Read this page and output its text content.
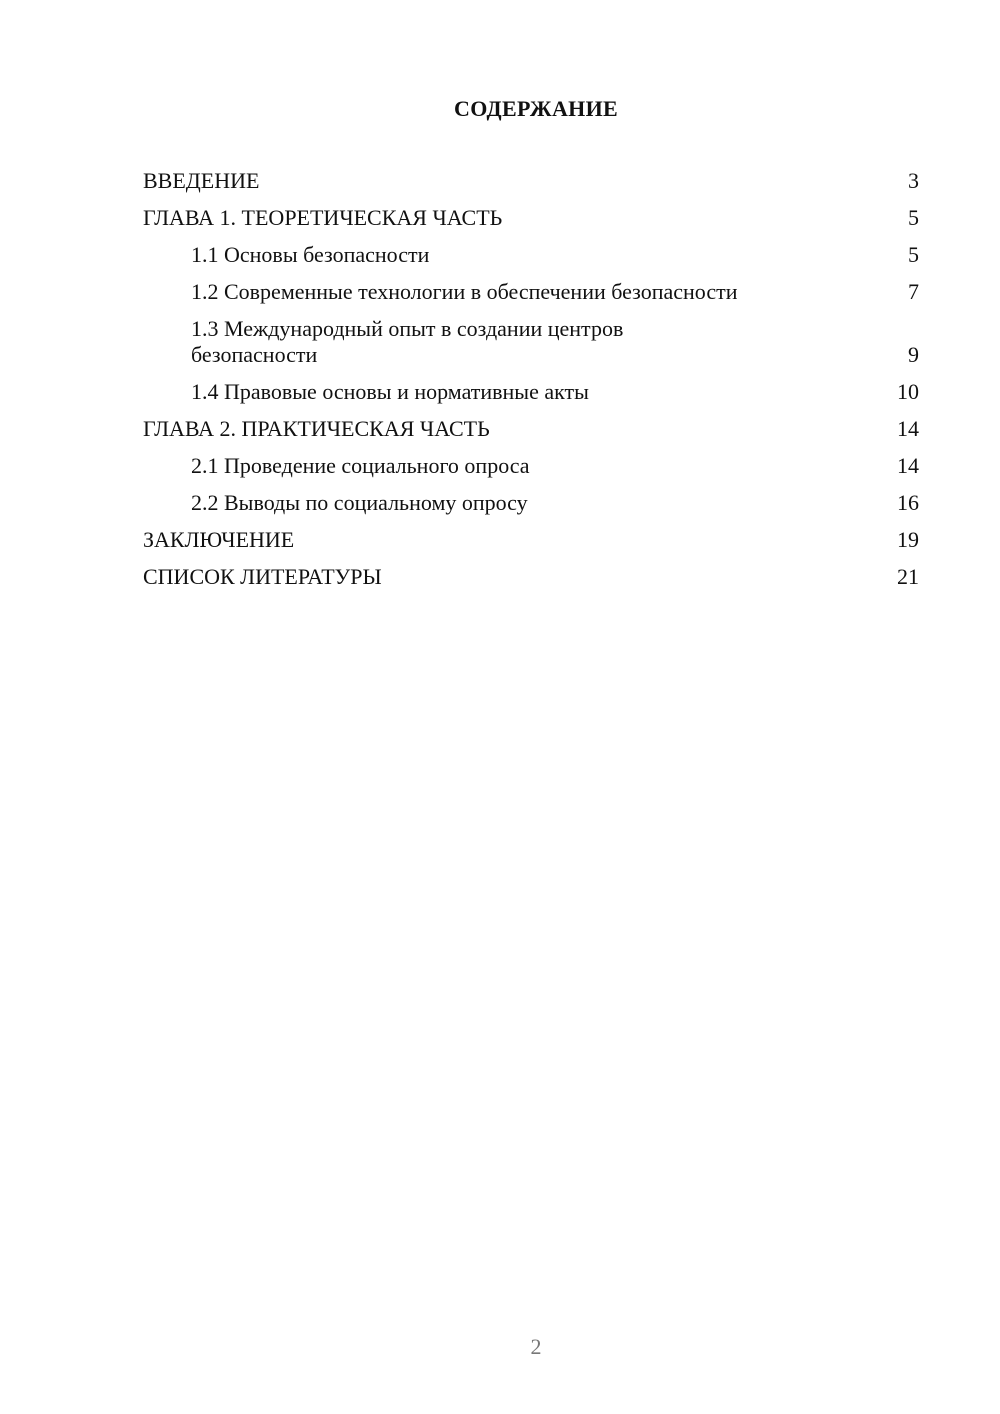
СОДЕРЖАНИЕ
ВВЕДЕНИЕ	3
ГЛАВА 1. ТЕОРЕТИЧЕСКАЯ ЧАСТЬ	5
1.1 Основы безопасности	5
1.2 Современные технологии в обеспечении безопасности	7
1.3 Международный опыт в создании центров безопасности	9
1.4 Правовые основы и нормативные акты	10
ГЛАВА 2. ПРАКТИЧЕСКАЯ ЧАСТЬ	14
2.1 Проведение социального опроса	14
2.2 Выводы по социальному опросу	16
ЗАКЛЮЧЕНИЕ	19
СПИСОК ЛИТЕРАТУРЫ	21
2
